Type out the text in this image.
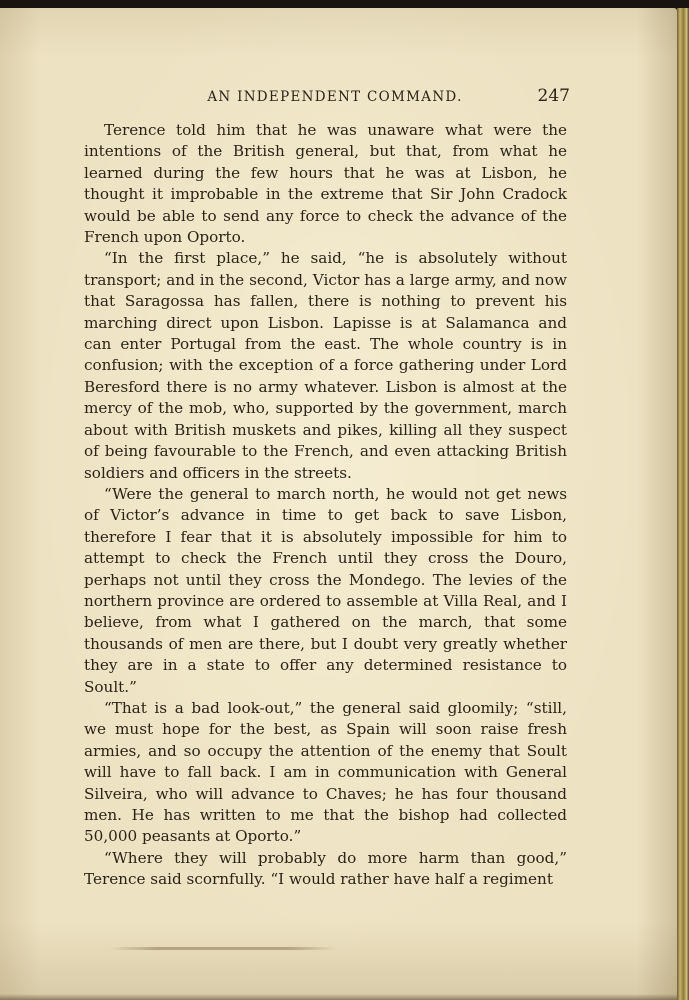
AN INDEPENDENT COMMAND.	247

Terence told him that he was unaware what were the intentions of the British general, but that, from what he learned during the few hours that he was at Lisbon, he thought it improbable in the extreme that Sir John Cradock would be able to send any force to check the advance of the French upon Oporto.

“In the first place,” he said, “he is absolutely without transport; and in the second, Victor has a large army, and now that Saragossa has fallen, there is nothing to prevent his marching direct upon Lisbon. Lapisse is at Salamanca and can enter Portugal from the east. The whole country is in confusion; with the exception of a force gathering under Lord Beresford there is no army whatever. Lisbon is almost at the mercy of the mob, who, supported by the government, march about with British muskets and pikes, killing all they suspect of being favourable to the French, and even attacking British soldiers and officers in the streets.

“Were the general to march north, he would not get news of Victor’s advance in time to get back to save Lisbon, therefore I fear that it is absolutely impossible for him to attempt to check the French until they cross the Douro, perhaps not until they cross the Mondego. The levies of the northern province are ordered to assemble at Villa Real, and I believe, from what I gathered on the march, that some thousands of men are there, but I doubt very greatly whether they are in a state to offer any determined resistance to Soult.”

“That is a bad look-out,” the general said gloomily; “still, we must hope for the best, as Spain will soon raise fresh armies, and so occupy the attention of the enemy that Soult will have to fall back. I am in communication with General Silveira, who will advance to Chaves; he has four thousand men. He has written to me that the bishop had collected 50,000 peasants at Oporto.”

“Where they will probably do more harm than good,” Terence said scornfully. “I would rather have half a regiment
